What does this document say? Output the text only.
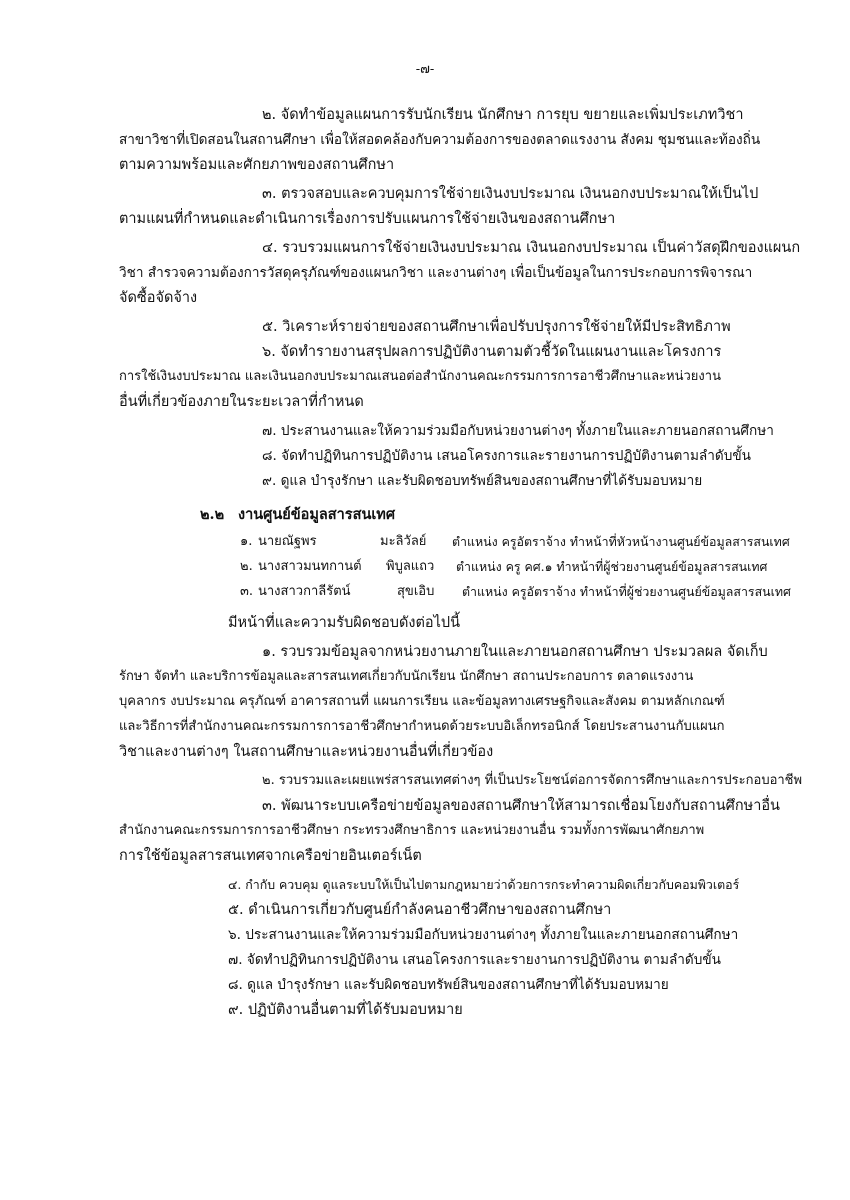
-๗-
๒. จัดทำข้อมูลแผนการรับนักเรียน นักศึกษา การยุบ ขยายและเพิ่มประเภทวิชา
สาขาวิชาที่เปิดสอนในสถานศึกษา เพื่อให้สอดคล้องกับความต้องการของตลาดแรงงาน สังคม ชุมชนและท้องถิ่น
ตามความพร้อมและศักยภาพของสถานศึกษา
๓. ตรวจสอบและควบคุมการใช้จ่ายเงินงบประมาณ เงินนอกงบประมาณให้เป็นไป
ตามแผนที่กำหนดและดำเนินการเรื่องการปรับแผนการใช้จ่ายเงินของสถานศึกษา
๔. รวบรวมแผนการใช้จ่ายเงินงบประมาณ เงินนอกงบประมาณ เป็นค่าวัสดุฝึกของแผนก
วิชา สำรวจความต้องการวัสดุครุภัณฑ์ของแผนกวิชา และงานต่างๆ เพื่อเป็นข้อมูลในการประกอบการพิจารณา
จัดซื้อจัดจ้าง
๕. วิเคราะห์รายจ่ายของสถานศึกษาเพื่อปรับปรุงการใช้จ่ายให้มีประสิทธิภาพ
๖. จัดทำรายงานสรุปผลการปฏิบัติงานตามตัวชี้วัดในแผนงานและโครงการ
การใช้เงินงบประมาณ และเงินนอกงบประมาณเสนอต่อสำนักงานคณะกรรมการการอาชีวศึกษาและหน่วยงาน
อื่นที่เกี่ยวข้องภายในระยะเวลาที่กำหนด
๗. ประสานงานและให้ความร่วมมือกับหน่วยงานต่างๆ ทั้งภายในและภายนอกสถานศึกษา
๘. จัดทำปฏิทินการปฏิบัติงาน เสนอโครงการและรายงานการปฏิบัติงานตามลำดับขั้น
๙. ดูแล บำรุงรักษา และรับผิดชอบทรัพย์สินของสถานศึกษาที่ได้รับมอบหมาย
๒.๒ งานศูนย์ข้อมูลสารสนเทศ
๑. นายณัฐพร	มะลิวัลย์ ตำแหน่ง ครูอัตราจ้าง ทำหน้าที่หัวหน้างานศูนย์ข้อมูลสารสนเทศ
๒. นางสาวมนทกานต์ พิบูลแถว ตำแหน่ง ครู คศ.๑ ทำหน้าที่ผู้ช่วยงานศูนย์ข้อมูลสารสนเทศ
๓. นางสาวกาลีรัตน์	สุขเอิบ ตำแหน่ง ครูอัตราจ้าง ทำหน้าที่ผู้ช่วยงานศูนย์ข้อมูลสารสนเทศ
มีหน้าที่และความรับผิดชอบดังต่อไปนี้
๑. รวบรวมข้อมูลจากหน่วยงานภายในและภายนอกสถานศึกษา ประมวลผล จัดเก็บ
รักษา จัดทำ และบริการข้อมูลและสารสนเทศเกี่ยวกับนักเรียน นักศึกษา สถานประกอบการ ตลาดแรงงาน
บุคลากร งบประมาณ ครุภัณฑ์ อาคารสถานที่ แผนการเรียน และข้อมูลทางเศรษฐกิจและสังคม ตามหลักเกณฑ์
และวิธีการที่สำนักงานคณะกรรมการการอาชีวศึกษากำหนดด้วยระบบอิเล็กทรอนิกส์ โดยประสานงานกับแผนก
วิชาและงานต่างๆ ในสถานศึกษาและหน่วยงานอื่นที่เกี่ยวข้อง
๒. รวบรวมและเผยแพร่สารสนเทศต่างๆ ที่เป็นประโยชน์ต่อการจัดการศึกษาและการประกอบอาชีพ
๓. พัฒนาระบบเครือข่ายข้อมูลของสถานศึกษาให้สามารถเชื่อมโยงกับสถานศึกษาอื่น
สำนักงานคณะกรรมการการอาชีวศึกษา กระทรวงศึกษาธิการ และหน่วยงานอื่น รวมทั้งการพัฒนาศักยภาพ
การใช้ข้อมูลสารสนเทศจากเครือข่ายอินเตอร์เน็ต
๔. กำกับ ควบคุม ดูแลระบบให้เป็นไปตามกฎหมายว่าด้วยการกระทำความผิดเกี่ยวกับคอมพิวเตอร์
๕. ดำเนินการเกี่ยวกับศูนย์กำลังคนอาชีวศึกษาของสถานศึกษา
๖. ประสานงานและให้ความร่วมมือกับหน่วยงานต่างๆ ทั้งภายในและภายนอกสถานศึกษา
๗. จัดทำปฏิทินการปฏิบัติงาน เสนอโครงการและรายงานการปฏิบัติงาน ตามลำดับขั้น
๘. ดูแล บำรุงรักษา และรับผิดชอบทรัพย์สินของสถานศึกษาที่ได้รับมอบหมาย
๙. ปฏิบัติงานอื่นตามที่ได้รับมอบหมาย
